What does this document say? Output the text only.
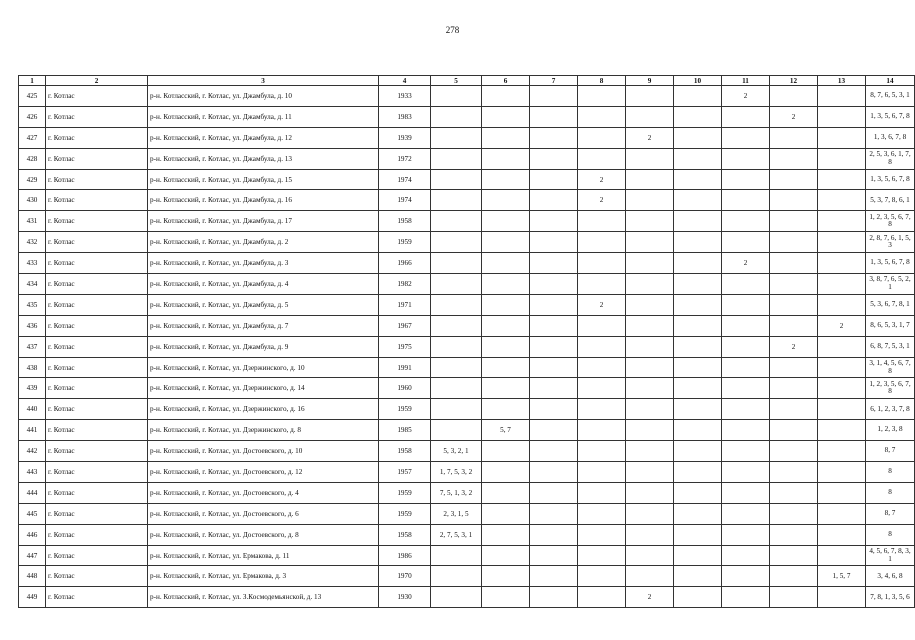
278
1	2	3	4	5	6	7	8	9	10	11	12	13	14
425	г. Котлас	р-н. Котласский, г. Котлас, ул. Джамбула, д. 10	1933							2			8, 7, 6, 5, 3, 1
426	г. Котлас	р-н. Котласский, г. Котлас, ул. Джамбула, д. 11	1983								2		1, 3, 5, 6, 7, 8
427	г. Котлас	р-н. Котласский, г. Котлас, ул. Джамбула, д. 12	1939					2					1, 3, 6, 7, 8
428	г. Котлас	р-н. Котласский, г. Котлас, ул. Джамбула, д. 13	1972										2, 5, 3, 6, 1, 7, 8
429	г. Котлас	р-н. Котласский, г. Котлас, ул. Джамбула, д. 15	1974				2						1, 3, 5, 6, 7, 8
430	г. Котлас	р-н. Котласский, г. Котлас, ул. Джамбула, д. 16	1974				2						5, 3, 7, 8, 6, 1
431	г. Котлас	р-н. Котласский, г. Котлас, ул. Джамбула, д. 17	1958										1, 2, 3, 5, 6, 7, 8
432	г. Котлас	р-н. Котласский, г. Котлас, ул. Джамбула, д. 2	1959										2, 8, 7, 6, 1, 5, 3
433	г. Котлас	р-н. Котласский, г. Котлас, ул. Джамбула, д. 3	1966							2			1, 3, 5, 6, 7, 8
434	г. Котлас	р-н. Котласский, г. Котлас, ул. Джамбула, д. 4	1982										3, 8, 7, 6, 5, 2, 1
435	г. Котлас	р-н. Котласский, г. Котлас, ул. Джамбула, д. 5	1971				2						5, 3, 6, 7, 8, 1
436	г. Котлас	р-н. Котласский, г. Котлас, ул. Джамбула, д. 7	1967									2	8, 6, 5, 3, 1, 7
437	г. Котлас	р-н. Котласский, г. Котлас, ул. Джамбула, д. 9	1975								2		6, 8, 7, 5, 3, 1
438	г. Котлас	р-н. Котласский, г. Котлас, ул. Дзержинского, д. 10	1991										3, 1, 4, 5, 6, 7, 8
439	г. Котлас	р-н. Котласский, г. Котлас, ул. Дзержинского, д. 14	1960										1, 2, 3, 5, 6, 7, 8
440	г. Котлас	р-н. Котласский, г. Котлас, ул. Дзержинского, д. 16	1959										6, 1, 2, 3, 7, 8
441	г. Котлас	р-н. Котласский, г. Котлас, ул. Дзержинского, д. 8	1985		5, 7								1, 2, 3, 8
442	г. Котлас	р-н. Котласский, г. Котлас, ул. Достоевского, д. 10	1958	5, 3, 2, 1									8, 7
443	г. Котлас	р-н. Котласский, г. Котлас, ул. Достоевского, д. 12	1957	1, 7, 5, 3, 2									8
444	г. Котлас	р-н. Котласский, г. Котлас, ул. Достоевского, д. 4	1959	7, 5, 1, 3, 2									8
445	г. Котлас	р-н. Котласский, г. Котлас, ул. Достоевского, д. 6	1959	2, 3, 1, 5									8, 7
446	г. Котлас	р-н. Котласский, г. Котлас, ул. Достоевского, д. 8	1958	2, 7, 5, 3, 1									8
447	г. Котлас	р-н. Котласский, г. Котлас, ул. Ермакова, д. 11	1986										4, 5, 6, 7, 8, 3, 1
448	г. Котлас	р-н. Котласский, г. Котлас, ул. Ермакова, д. 3	1970									1, 5, 7	3, 4, 6, 8
449	г. Котлас	р-н. Котласский, г. Котлас, ул. З.Космодемьянской, д. 13	1930					2					7, 8, 1, 3, 5, 6
